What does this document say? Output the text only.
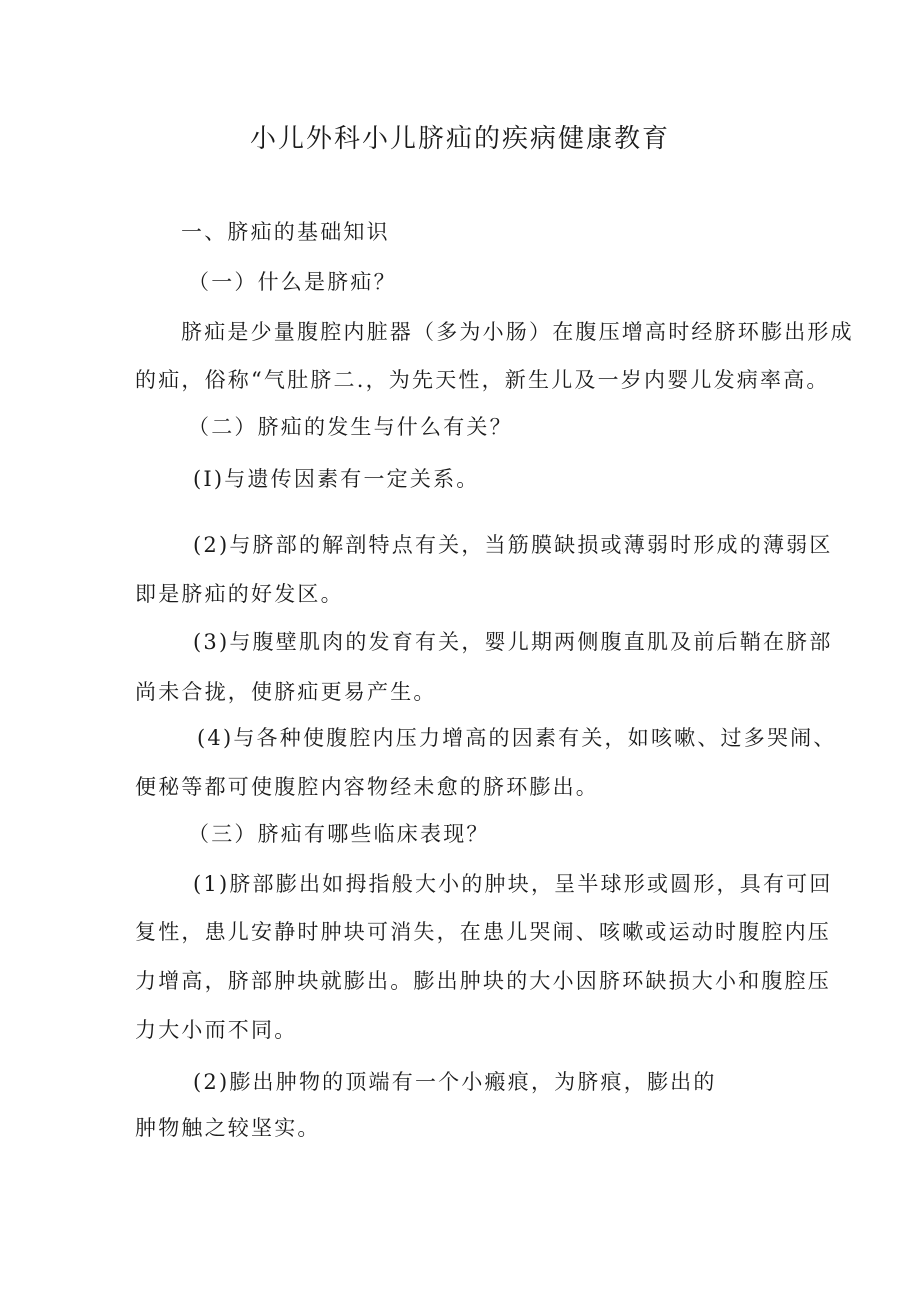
小儿外科小儿脐疝的疾病健康教育
一、脐疝的基础知识
（一）什么是脐疝？
脐疝是少量腹腔内脏器（多为小肠）在腹压增高时经脐环膨出形成
的疝，俗称“气肚脐二.，为先天性，新生儿及一岁内婴儿发病率高。
（二）脐疝的发生与什么有关？
(I)与遗传因素有一定关系。
(2)与脐部的解剖特点有关，当筋膜缺损或薄弱时形成的薄弱区
即是脐疝的好发区。
(3)与腹壁肌肉的发育有关，婴儿期两侧腹直肌及前后鞘在脐部
尚未合拢，使脐疝更易产生。
(4)与各种使腹腔内压力增高的因素有关，如咳嗽、过多哭闹、
便秘等都可使腹腔内容物经未愈的脐环膨出。
（三）脐疝有哪些临床表现？
(1)脐部膨出如拇指般大小的肿块，呈半球形或圆形，具有可回
复性，患儿安静时肿块可消失，在患儿哭闹、咳嗽或运动时腹腔内压
力增高，脐部肿块就膨出。膨出肿块的大小因脐环缺损大小和腹腔压
力大小而不同。
(2)膨出肿物的顶端有一个小瘢痕，为脐痕，膨出的
肿物触之较坚实。
